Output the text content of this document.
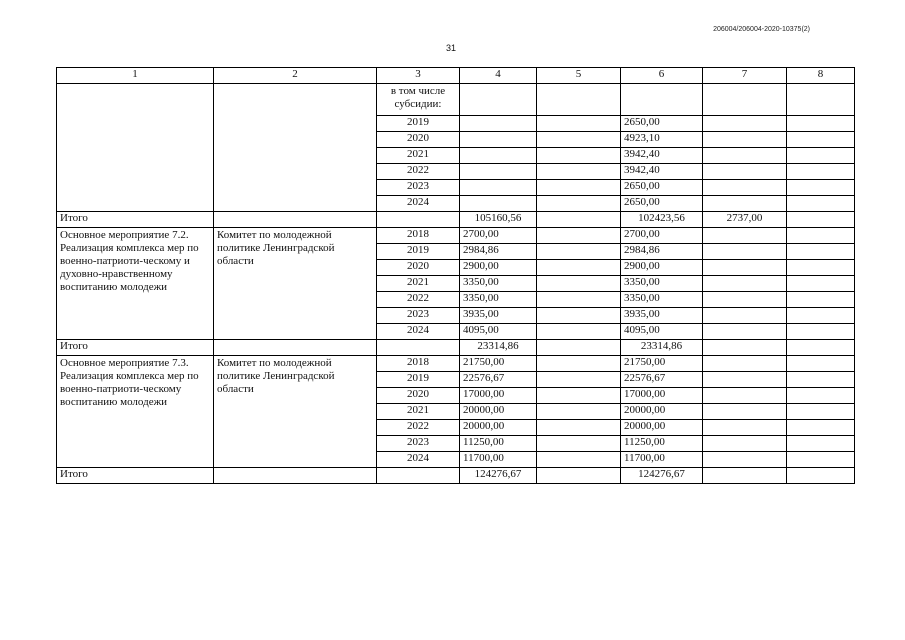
206004/206004-2020-10375(2)
31
1	2	3	4	5	6	7	8
		в том числе
субсидии:					
		2019			2650,00		
		2020			4923,10		
		2021			3942,40		
		2022			3942,40		
		2023			2650,00		
		2024			2650,00		
Итого			105160,56		102423,56	2737,00	
Основное мероприятие 7.2. Реализация комплекса мер по военно-патриоти-ческому и духовно-нравственному воспитанию молодежи	Комитет по молодежной политике Ленинградской области	2018	2700,00		2700,00		
		2019	2984,86		2984,86		
		2020	2900,00		2900,00		
		2021	3350,00		3350,00		
		2022	3350,00		3350,00		
		2023	3935,00		3935,00		
		2024	4095,00		4095,00		
Итого			23314,86		23314,86		
Основное мероприятие 7.3. Реализация комплекса мер по военно-патриоти-ческому воспитанию молодежи	Комитет по молодежной политике Ленинградской области	2018	21750,00		21750,00		
		2019	22576,67		22576,67		
		2020	17000,00		17000,00		
		2021	20000,00		20000,00		
		2022	20000,00		20000,00		
		2023	11250,00		11250,00		
		2024	11700,00		11700,00		
Итого			124276,67		124276,67		
